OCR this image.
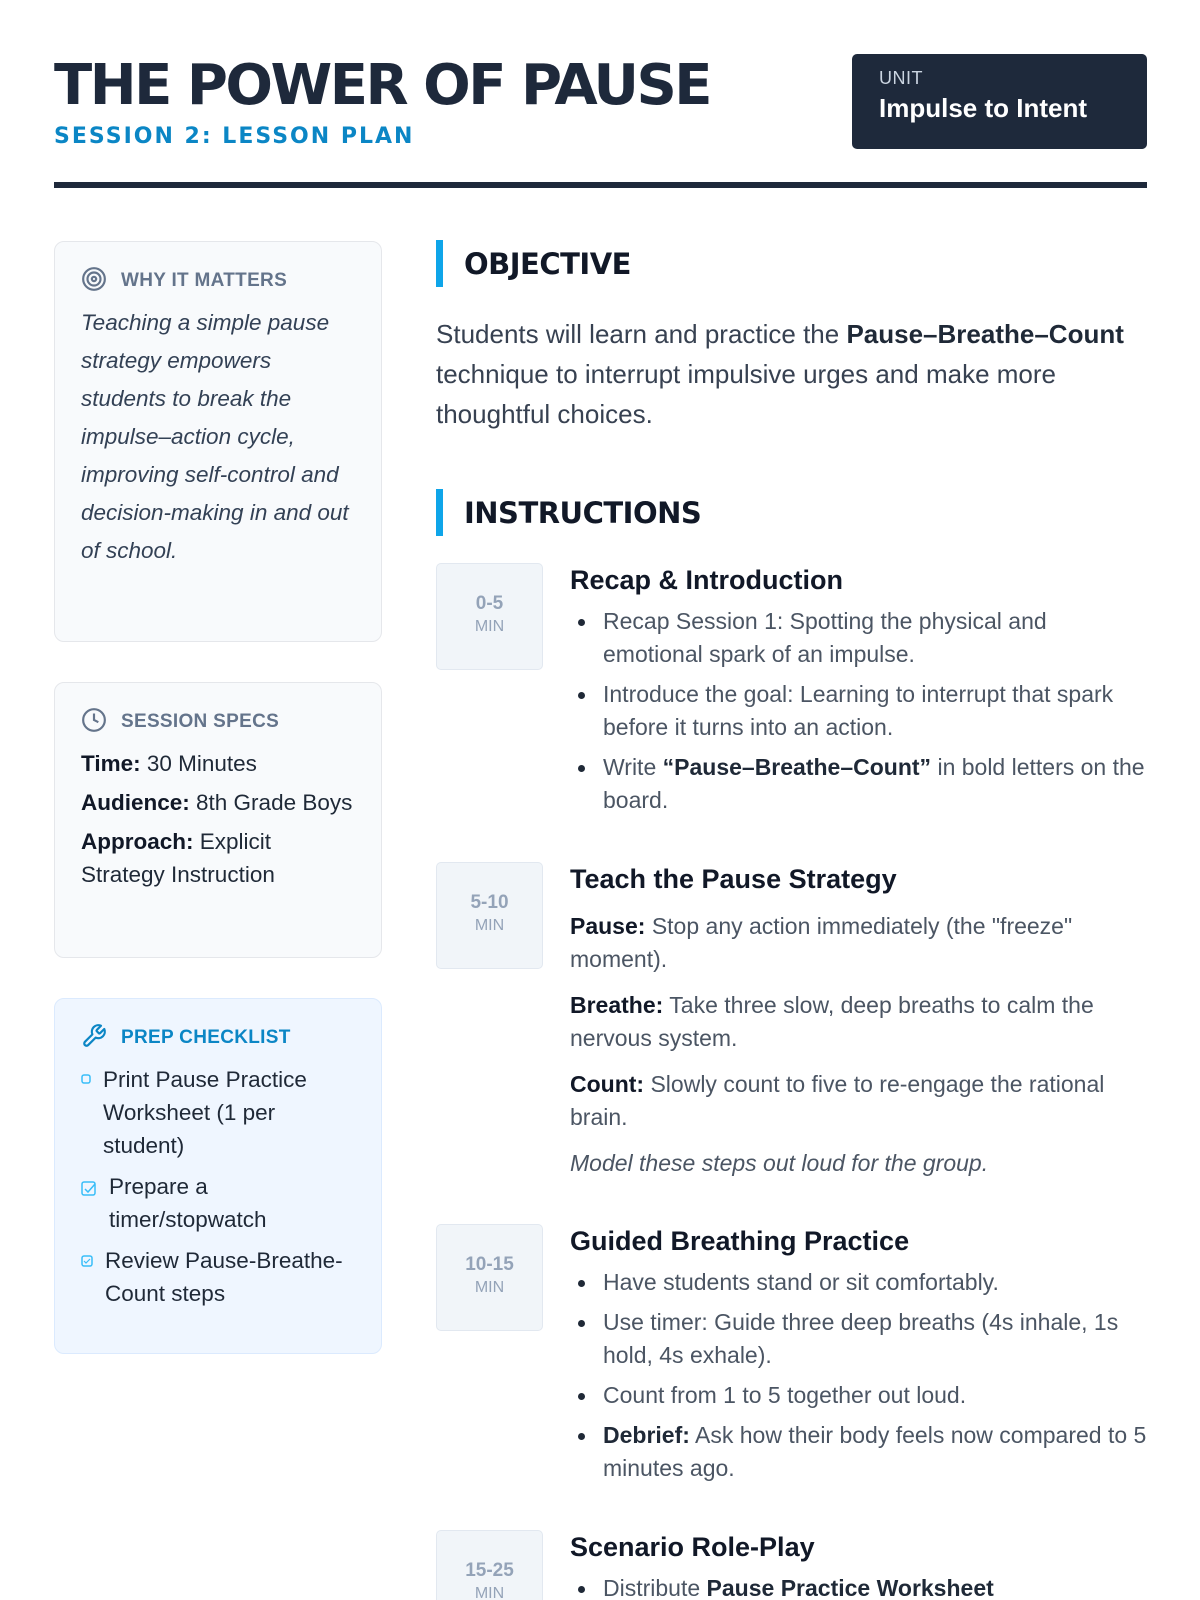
THE POWER OF PAUSE
SESSION 2: LESSON PLAN
UNIT
Impulse to Intent
WHY IT MATTERS
Teaching a simple pause strategy empowers students to break the impulse–action cycle, improving self-control and decision-making in and out of school.
SESSION SPECS
Time: 30 Minutes
Audience: 8th Grade Boys
Approach: Explicit Strategy Instruction
PREP CHECKLIST
Print Pause Practice Worksheet (1 per student)
Prepare a timer/stopwatch
Review Pause-Breathe-Count steps
OBJECTIVE
Students will learn and practice the Pause–Breathe–Count technique to interrupt impulsive urges and make more thoughtful choices.
INSTRUCTIONS
0-5
MIN
Recap & Introduction
Recap Session 1: Spotting the physical and emotional spark of an impulse.
Introduce the goal: Learning to interrupt that spark before it turns into an action.
Write “Pause–Breathe–Count” in bold letters on the board.
5-10
MIN
Teach the Pause Strategy
Pause: Stop any action immediately (the "freeze" moment).
Breathe: Take three slow, deep breaths to calm the nervous system.
Count: Slowly count to five to re-engage the rational brain.
Model these steps out loud for the group.
10-15
MIN
Guided Breathing Practice
Have students stand or sit comfortably.
Use timer: Guide three deep breaths (4s inhale, 1s hold, 4s exhale).
Count from 1 to 5 together out loud.
Debrief: Ask how their body feels now compared to 5 minutes ago.
15-25
MIN
Scenario Role-Play
Distribute Pause Practice Worksheet
